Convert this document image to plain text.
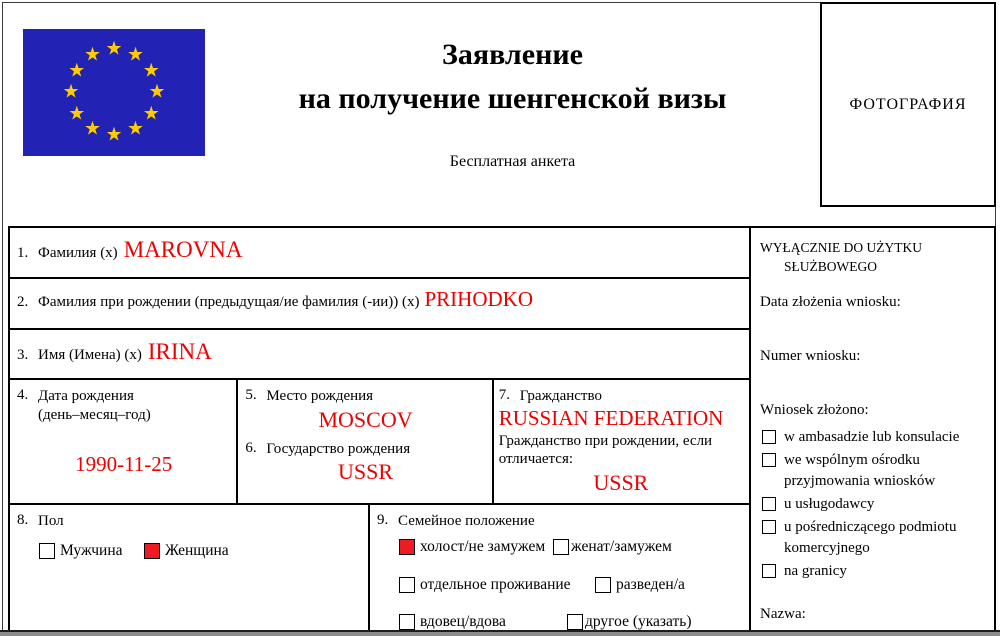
★ ★
★
★
★
★
★
★
★
★
★
★	Заявление
на получение шенгенской визы
Бесплатная анкета
ФОТОГРАФИЯ
1. Фамилия (x) MAROVNA
2. Фамилия при рождении (предыдущая/ие фамилия (-ии)) (x) PRIHODKO
3. Имя (Имена) (x) IRINA
4. Дата рождения
(день–месяц–год)
1990-11-25
5. Место рождения
MOSCOV
6. Государство рождения
USSR
7. Гражданство
RUSSIAN FEDERATION
Гражданство при рождении, если отличается:
USSR
8. Пол
Мужчина	Женщина
9. Семейное положение
холост/не замужем женат/замужем
отдельное проживание	разведен/а
вдовец/вдова	другое (указать)
WYŁĄCZNIE DO UŻYTKU
SŁUŻBOWEGO
Data złożenia wniosku:
Numer wniosku:
Wniosek złożono:
w ambasadzie lub konsulacie
we wspólnym ośrodku przyjmowania wniosków
u usługodawcy
u pośredniczącego podmiotu komercyjnego
na granicy
Nazwa:
